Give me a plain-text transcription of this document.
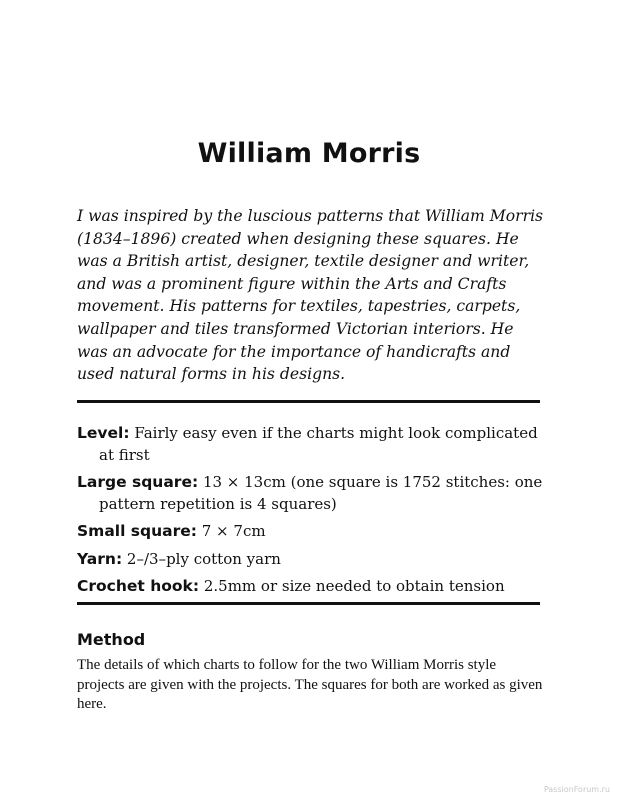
William Morris

I was inspired by the luscious patterns that William Morris (1834–1896) created when designing these squares. He was a British artist, designer, textile designer and writer, and was a prominent figure within the Arts and Crafts movement. His patterns for textiles, tapestries, carpets, wallpaper and tiles transformed Victorian interiors. He was an advocate for the importance of handicrafts and used natural forms in his designs.

Level: Fairly easy even if the charts might look complicated at first

Large square: 13 × 13cm (one square is 1752 stitches: one pattern repetition is 4 squares)

Small square: 7 × 7cm

Yarn: 2–/3–ply cotton yarn

Crochet hook: 2.5mm or size needed to obtain tension

Method

The details of which charts to follow for the two William Morris style projects are given with the projects. The squares for both are worked as given here.

PassionForum.ru
